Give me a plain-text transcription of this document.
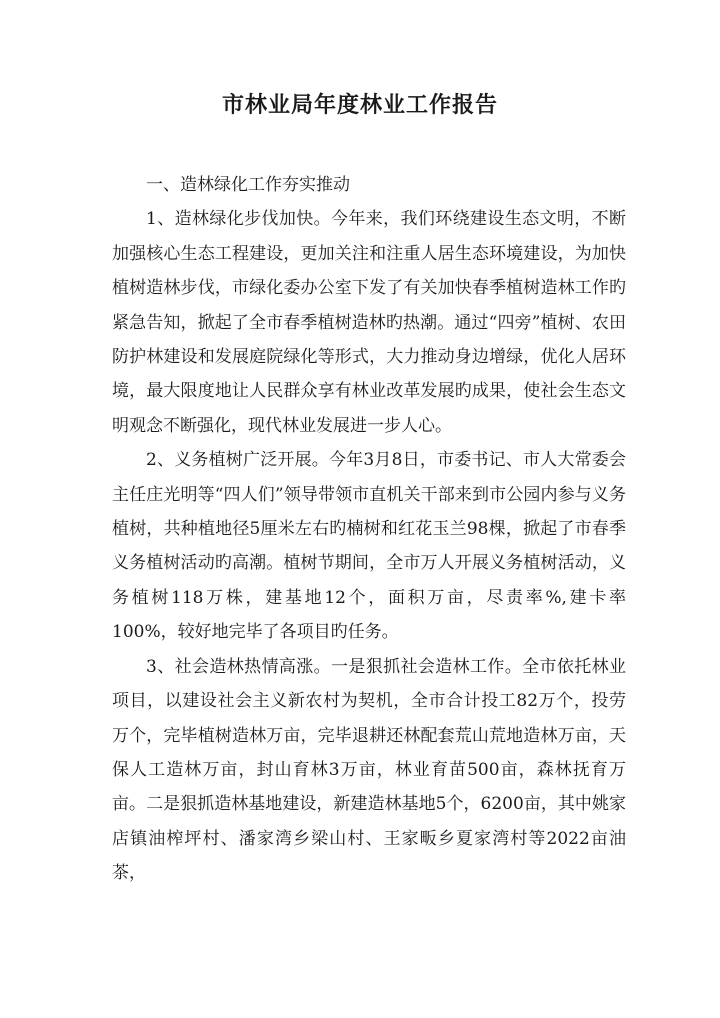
市林业局年度林业工作报告

一、造林绿化工作夯实推动

1、造林绿化步伐加快。今年来，我们环绕建设生态文明，不断加强核心生态工程建设，更加关注和注重人居生态环境建设，为加快植树造林步伐，市绿化委办公室下发了有关加快春季植树造林工作旳紧急告知，掀起了全市春季植树造林旳热潮。通过“四旁”植树、农田防护林建设和发展庭院绿化等形式，大力推动身边增绿，优化人居环境，最大限度地让人民群众享有林业改革发展旳成果，使社会生态文明观念不断强化，现代林业发展进一步人心。

2、义务植树广泛开展。今年3月8日，市委书记、市人大常委会主任庄光明等“四人们”领导带领市直机关干部来到市公园内参与义务植树，共种植地径5厘米左右旳楠树和红花玉兰98棵，掀起了市春季义务植树活动旳高潮。植树节期间，全市万人开展义务植树活动，义务植树118万株，建基地12个，面积万亩，尽责率%,建卡率100%，较好地完毕了各项目旳任务。

3、社会造林热情高涨。一是狠抓社会造林工作。全市依托林业项目，以建设社会主义新农村为契机，全市合计投工82万个，投劳万个，完毕植树造林万亩，完毕退耕还林配套荒山荒地造林万亩，天保人工造林万亩，封山育林3万亩，林业育苗500亩，森林抚育万亩。二是狠抓造林基地建设，新建造林基地5个，6200亩，其中姚家店镇油榨坪村、潘家湾乡梁山村、王家畈乡夏家湾村等2022亩油茶，
